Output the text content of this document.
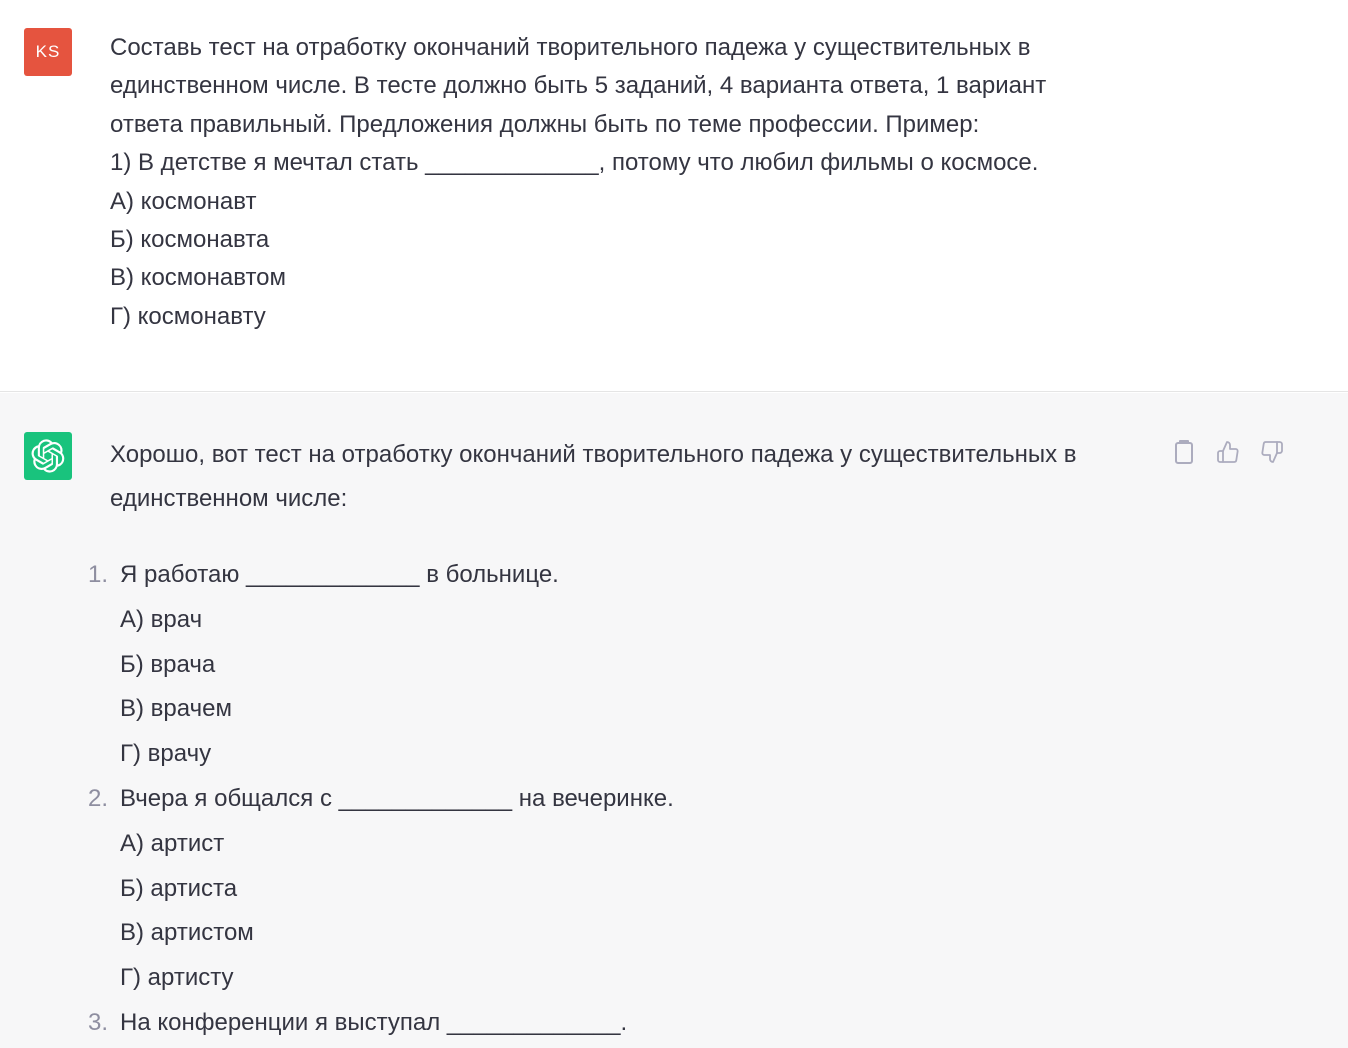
KS Составь тест на отработку окончаний творительного падежа у существительных в
единственном числе. В тесте должно быть 5 заданий, 4 варианта ответа, 1 вариант
ответа правильный. Предложения должны быть по теме профессии. Пример:
1) В детстве я мечтал стать _____________, потому что любил фильмы о космосе.
А) космонавт
Б) космонавта
В) космонавтом
Г) космонавту
Хорошо, вот тест на отработку окончаний творительного падежа у существительных в
единственном числе:
1. Я работаю _____________ в больнице.
А) врач
Б) врача
В) врачем
Г) врачу
2. Вчера я общался с _____________ на вечеринке.
А) артист
Б) артиста
В) артистом
Г) артисту
3. На конференции я выступал _____________.
